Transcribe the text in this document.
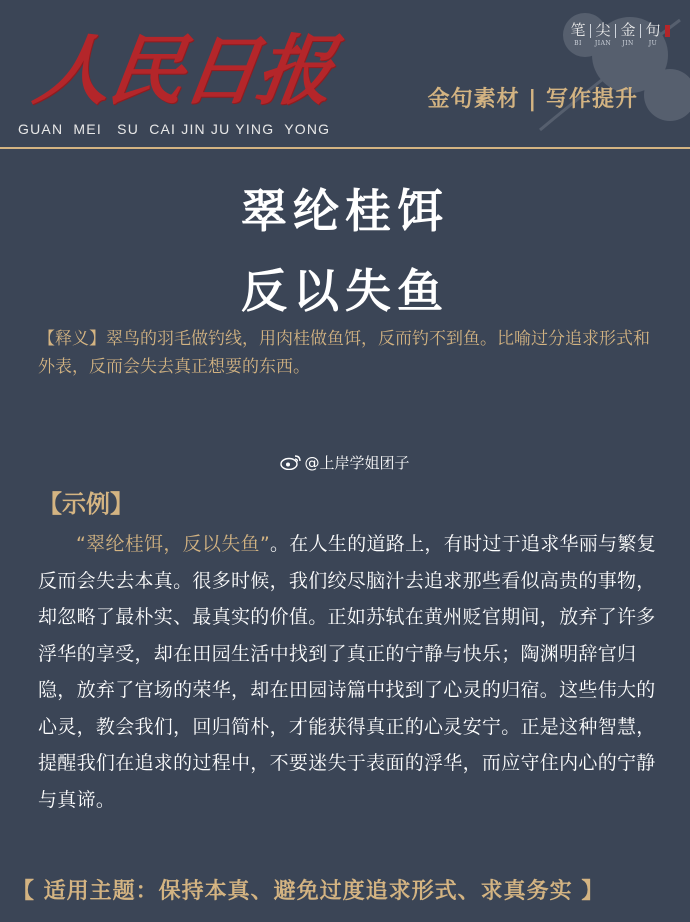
人民日报
GUAN  MEI   SU  CAI JIN JU YING  YONG
笔
BI
尖
JIAN
金
JIN
句
JU
金句素材 | 写作提升
翠纶桂饵
反以失鱼
【释义】翠鸟的羽毛做钓线，用肉桂做鱼饵，反而钓不到鱼。比喻过分追求形式和外表，反而会失去真正想要的东西。
@上岸学姐团子
【示例】
“翠纶桂饵，反以失鱼”。在人生的道路上，有时过于追求华丽与繁复反而会失去本真。很多时候，我们绞尽脑汁去追求那些看似高贵的事物，却忽略了最朴实、最真实的价值。正如苏轼在黄州贬官期间，放弃了许多浮华的享受，却在田园生活中找到了真正的宁静与快乐；陶渊明辞官归隐，放弃了官场的荣华，却在田园诗篇中找到了心灵的归宿。这些伟大的心灵，教会我们，回归简朴，才能获得真正的心灵安宁。正是这种智慧，提醒我们在追求的过程中，不要迷失于表面的浮华，而应守住内心的宁静与真谛。
【 适用主题：保持本真、避免过度追求形式、求真务实 】
